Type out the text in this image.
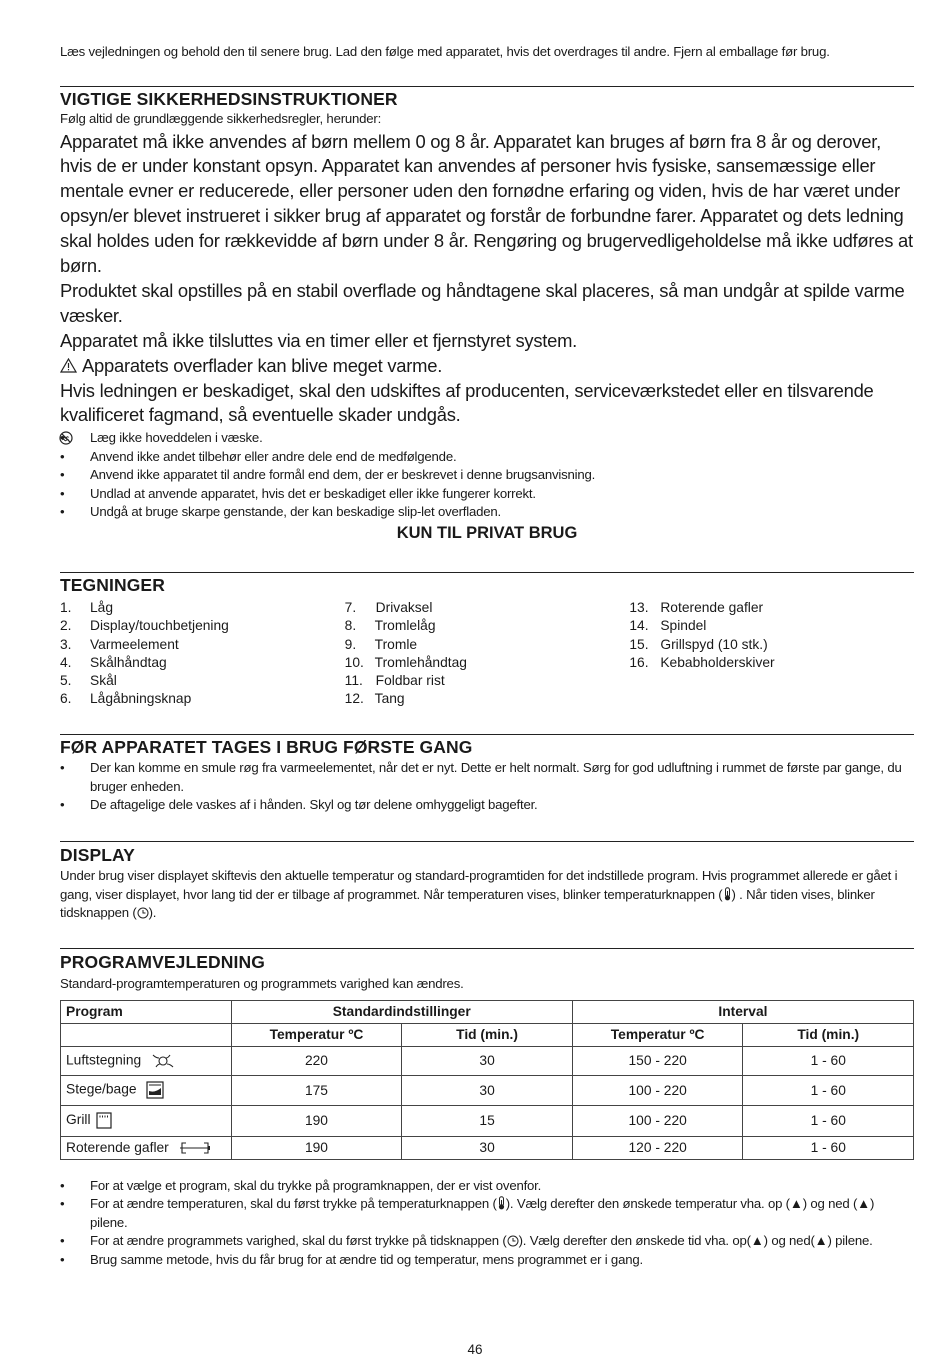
Læs vejledningen og behold den til senere brug. Lad den følge med apparatet, hvis det overdrages til andre. Fjern al emballage før brug.
VIGTIGE SIKKERHEDSINSTRUKTIONER
Følg altid de grundlæggende sikkerhedsregler, herunder:

Apparatet må ikke anvendes af børn mellem 0 og 8 år. Apparatet kan bruges af børn fra 8 år og derover, hvis de er under konstant opsyn. Apparatet kan anvendes af personer hvis fysiske, sansemæssige eller mentale evner er reducerede, eller personer uden den fornødne erfaring og viden, hvis de har været under opsyn/er blevet instrueret i sikker brug af apparatet og forstår de forbundne farer. Apparatet og dets ledning skal holdes uden for rækkevidde af børn under 8 år. Rengøring og brugervedligeholdelse må ikke udføres at børn.

Produktet skal opstilles på en stabil overflade og håndtagene skal placeres, så man undgår at spilde varme væsker.

Apparatet må ikke tilsluttes via en timer eller et fjernstyret system.

Apparatets overflader kan blive meget varme.

Hvis ledningen er beskadiget, skal den udskiftes af producenten, serviceværkstedet eller en tilsvarende kvalificeret fagmand, så eventuelle skader undgås.

• Læg ikke hoveddelen i væske.
• Anvend ikke andet tilbehør eller andre dele end de medfølgende.
• Anvend ikke apparatet til andre formål end dem, der er beskrevet i denne brugsanvisning.
• Undlad at anvende apparatet, hvis det er beskadiget eller ikke fungerer korrekt.
• Undgå at bruge skarpe genstande, der kan beskadige slip-let overfladen.
KUN TIL PRIVAT BRUG
TEGNINGER
1.	Låg
2.	Display/touchbetjening
3.	Varmeelement
4.	Skålhåndtag
5.	Skål
6.	Lågåbningsknap
7.	Drivaksel
8.	Tromlelåg
9.	Tromle
10. Tromlehåndtag
11. Foldbar rist
12. Tang
13. Roterende gafler
14. Spindel
15. Grillspyd (10 stk.)
16. Kebabholderskiver
FØR APPARATET TAGES I BRUG FØRSTE GANG
• Der kan komme en smule røg fra varmeelementet, når det er nyt. Dette er helt normalt. Sørg for god udluftning i rummet de første par gange, du bruger enheden.
• De aftagelige dele vaskes af i hånden. Skyl og tør delene omhyggeligt bagefter.
DISPLAY
Under brug viser displayet skiftevis den aktuelle temperatur og standard-programtiden for det indstillede program. Hvis programmet allerede er gået i gang, viser displayet, hvor lang tid der er tilbage af programmet. Når temperaturen vises, blinker temperaturknappen ( ) . Når tiden vises, blinker tidsknappen ( ).
PROGRAMVEJLEDNING
Standard-programtemperaturen og programmets varighed kan ændres.
Program	Standardindstillinger		Interval	
	Temperatur ºC	Tid (min.)	Temperatur ºC	Tid (min.)
Luftstegning	220	30	150 - 220	1 - 60
Stege/bage	175	30	100 - 220	1 - 60
Grill	190	15	100 - 220	1 - 60
Roterende gafler	190	30	120 - 220	1 - 60
• For at vælge et program, skal du trykke på programknappen, der er vist ovenfor.
• For at ændre temperaturen, skal du først trykke på temperaturknappen ( ). Vælg derefter den ønskede temperatur vha. op (▲) og ned (▲) pilene.
• For at ændre programmets varighed, skal du først trykke på tidsknappen ( ). Vælg derefter den ønskede tid vha. op(▲) og ned(▲) pilene.
• Brug samme metode, hvis du får brug for at ændre tid og temperatur, mens programmet er i gang.
46
